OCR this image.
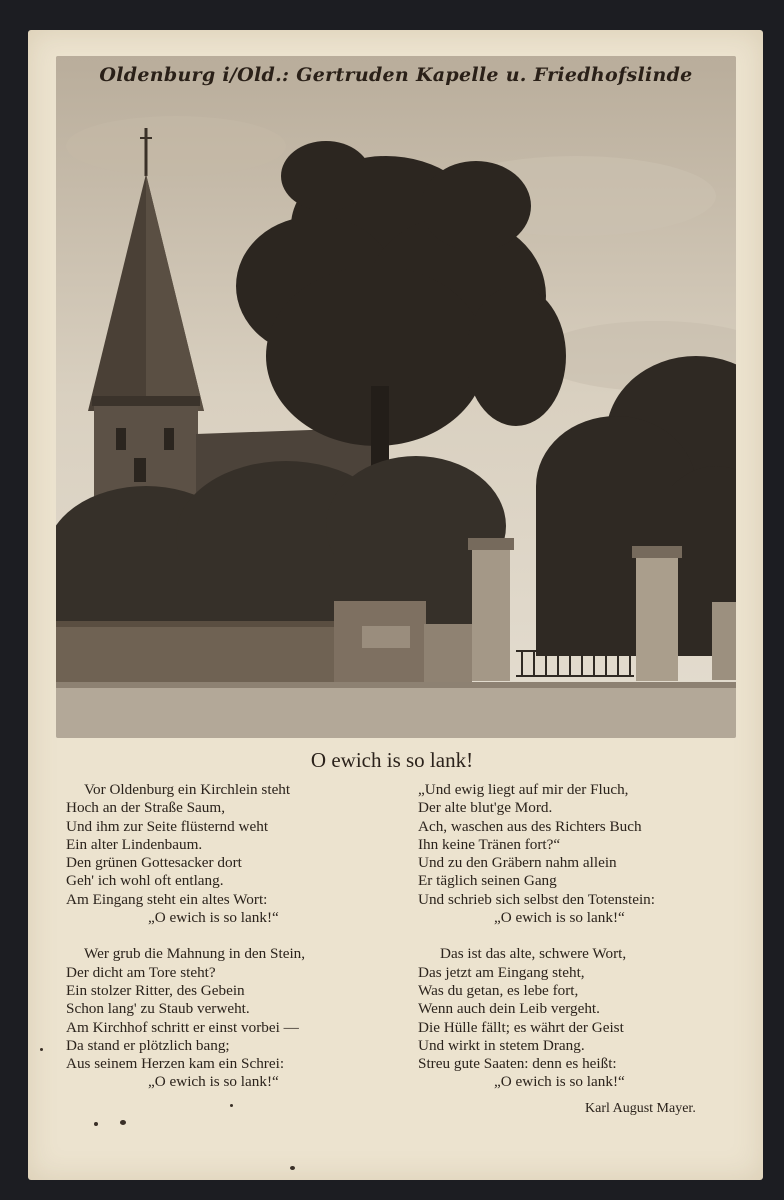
Oldenburg i/Old.: Gertruden Kapelle u. Friedhofslinde
O ewich is so lank!
Vor Oldenburg ein Kirchlein steht
Hoch an der Straße Saum,
Und ihm zur Seite flüsternd weht
Ein alter Lindenbaum.
Den grünen Gottesacker dort
Geh' ich wohl oft entlang.
Am Eingang steht ein altes Wort:
„O ewich is so lank!“
Wer grub die Mahnung in den Stein,
Der dicht am Tore steht?
Ein stolzer Ritter, des Gebein
Schon lang' zu Staub verweht.
Am Kirchhof schritt er einst vorbei —
Da stand er plötzlich bang;
Aus seinem Herzen kam ein Schrei:
„O ewich is so lank!“
„Und ewig liegt auf mir der Fluch,
Der alte blut'ge Mord.
Ach, waschen aus des Richters Buch
Ihn keine Tränen fort?“
Und zu den Gräbern nahm allein
Er täglich seinen Gang
Und schrieb sich selbst den Totenstein:
„O ewich is so lank!“
Das ist das alte, schwere Wort,
Das jetzt am Eingang steht,
Was du getan, es lebe fort,
Wenn auch dein Leib vergeht.
Die Hülle fällt; es währt der Geist
Und wirkt in stetem Drang.
Streu gute Saaten: denn es heißt:
„O ewich is so lank!“
Karl August Mayer.
